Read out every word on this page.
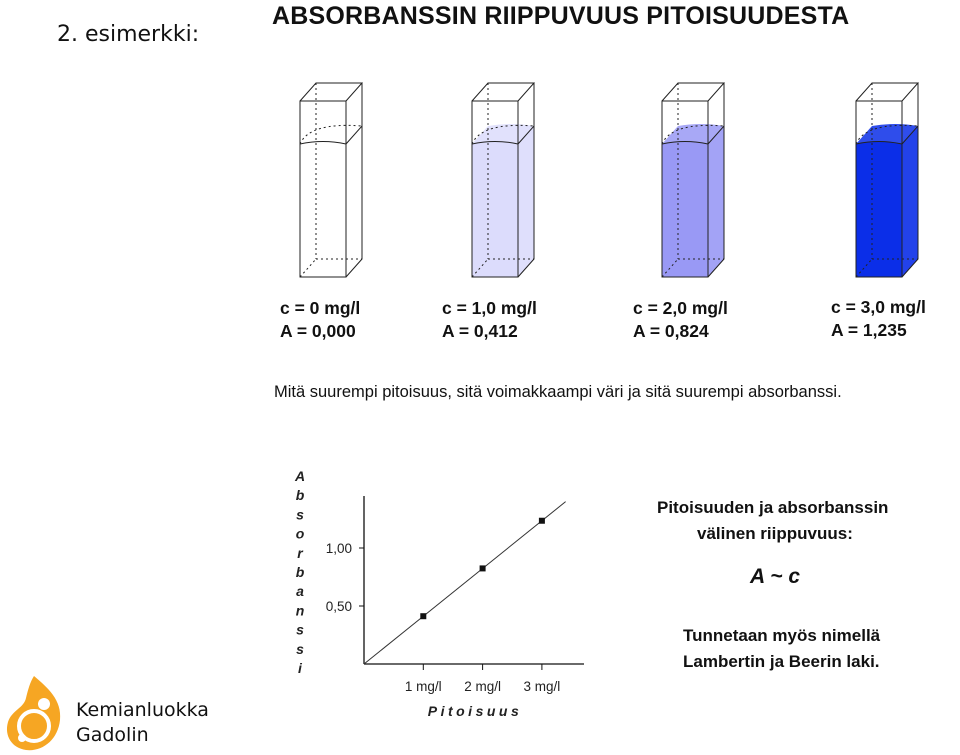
2. esimerkki:
ABSORBANSSIN RIIPPUVUUS PITOISUUDESTA
c = 0 mg/l
A = 0,000
c = 1,0 mg/l
A = 0,412
c = 2,0 mg/l
A = 0,824
c = 3,0 mg/l
A = 1,235
Mitä suurempi pitoisuus, sitä voimakkaampi väri ja sitä suurempi absorbanssi.
0,50
1,00
1 mg/l 2 mg/l 3 mg/l
A
b
s
o
r
b
a
n
s
s
i
Pitoisuus
Pitoisuuden ja absorbanssin
välinen riippuvuus:
A ~ c
Tunnetaan myös nimellä
Lambertin ja Beerin laki.
Kemianluokka
Gadolin
